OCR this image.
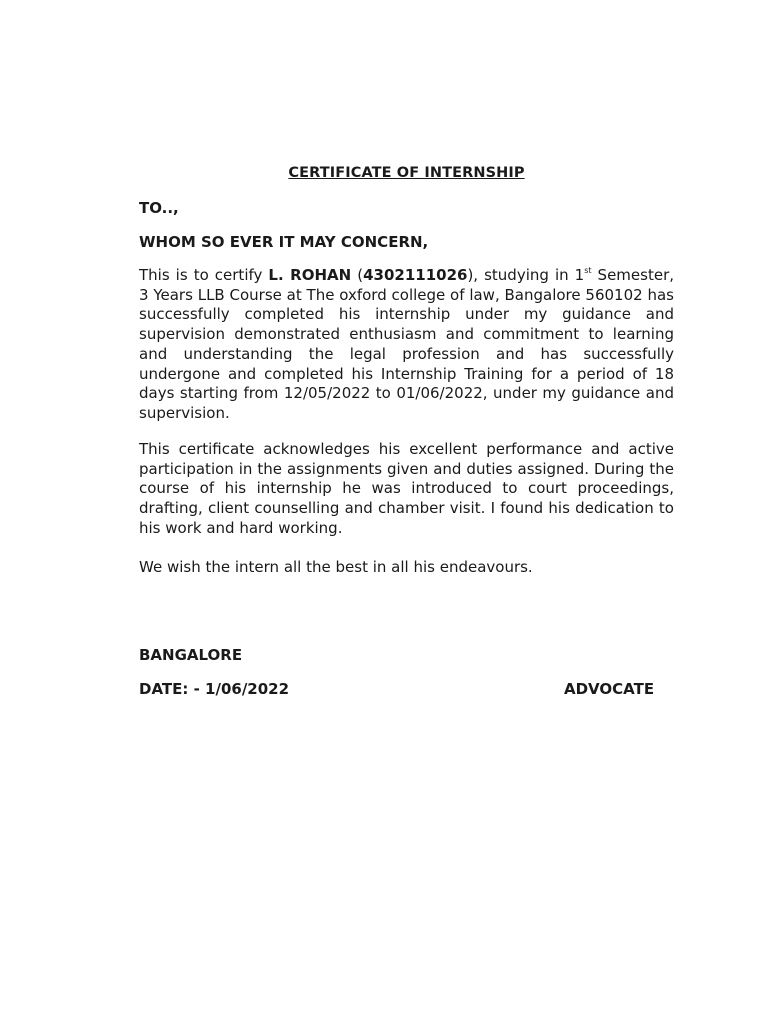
CERTIFICATE OF INTERNSHIP
TO..,
WHOM SO EVER IT MAY CONCERN,
This is to certify L. ROHAN (4302111026), studying in 1st Semester, 3 Years LLB Course at The oxford college of law, Bangalore 560102 has successfully completed his internship under my guidance and supervision demonstrated enthusiasm and commitment to learning and understanding the legal profession and has successfully undergone and completed his Internship Training for a period of 18 days starting from 12/05/2022 to 01/06/2022, under my guidance and supervision.
This certificate acknowledges his excellent performance and active participation in the assignments given and duties assigned. During the course of his internship he was introduced to court proceedings, drafting, client counselling and chamber visit. I found his dedication to his work and hard working.
We wish the intern all the best in all his endeavours.
BANGALORE
DATE: - 1/06/2022	ADVOCATE
